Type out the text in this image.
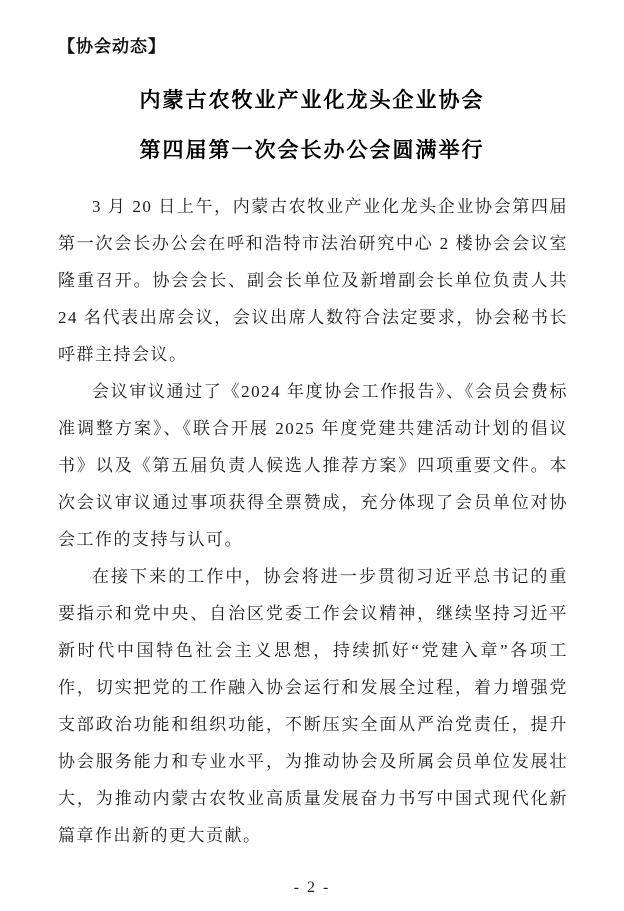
【协会动态】
内蒙古农牧业产业化龙头企业协会
第四届第一次会长办公会圆满举行

3 月 20 日上午，内蒙古农牧业产业化龙头企业协会第四届第一次会长办公会在呼和浩特市法治研究中心 2 楼协会会议室隆重召开。协会会长、副会长单位及新增副会长单位负责人共 24 名代表出席会议，会议出席人数符合法定要求，协会秘书长呼群主持会议。

会议审议通过了《2024 年度协会工作报告》、《会员会费标准调整方案》、《联合开展 2025 年度党建共建活动计划的倡议书》以及《第五届负责人候选人推荐方案》四项重要文件。本次会议审议通过事项获得全票赞成，充分体现了会员单位对协会工作的支持与认可。

在接下来的工作中，协会将进一步贯彻习近平总书记的重要指示和党中央、自治区党委工作会议精神，继续坚持习近平新时代中国特色社会主义思想，持续抓好“党建入章”各项工作，切实把党的工作融入协会运行和发展全过程，着力增强党支部政治功能和组织功能，不断压实全面从严治党责任，提升协会服务能力和专业水平，为推动协会及所属会员单位发展壮大，为推动内蒙古农牧业高质量发展奋力书写中国式现代化新篇章作出新的更大贡献。

- 2 -
